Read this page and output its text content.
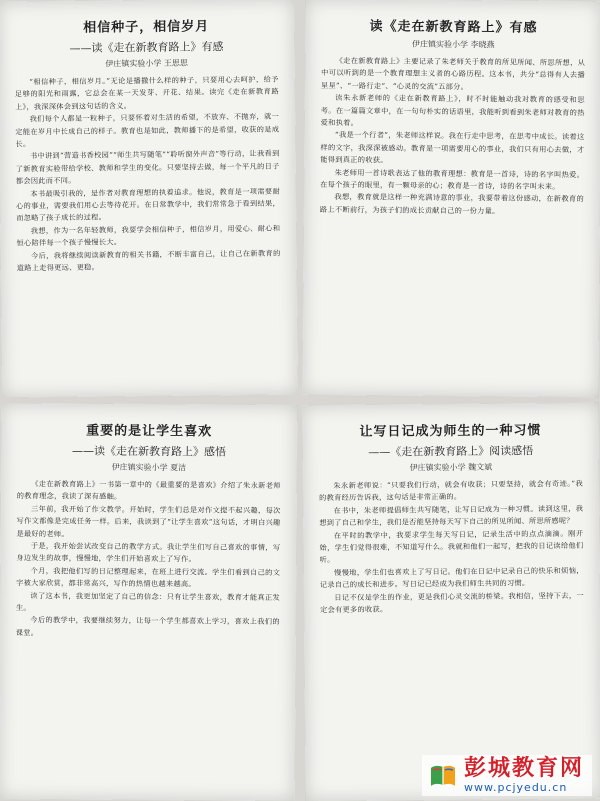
相信种子，相信岁月
——读《走在新教育路上》有感
伊庄镇实验小学 王思思

“相信种子，相信岁月。”无论是播撒什么样的种子，只要用心去呵护，给予足够的阳光和雨露，它总会在某一天发芽、开花、结果。读完《走在新教育路上》，我深深体会到这句话的含义。

我们每个人都是一粒种子，只要怀着对生活的希望，不放弃、不抛弃，就一定能在岁月中长成自己的样子。教育也是如此，教师播下的是希望，收获的是成长。

书中讲到“营造书香校园”“师生共写随笔”“聆听窗外声音”等行动，让我看到了新教育实验带给学校、教师和学生的变化。只要坚持去做，每一个平凡的日子都会因此而不同。

本书最吸引我的，是作者对教育理想的执着追求。他说，教育是一项需要耐心的事业，需要我们用心去等待花开。在日常教学中，我们常常急于看到结果，而忽略了孩子成长的过程。

我想，作为一名年轻教师，我要学会相信种子，相信岁月，用爱心、耐心和恒心陪伴每一个孩子慢慢长大。

今后，我将继续阅读新教育的相关书籍，不断丰富自己，让自己在新教育的道路上走得更远、更稳。

读《走在新教育路上》有感
伊庄镇实验小学 李晓燕

《走在新教育路上》主要记录了朱老师关于教育的所见所闻、所思所想，从中可以听到的是一个教育理想主义者的心路历程。这本书，共分“总得有人去播星星”、“一路行走”、“心灵的交流”五部分。

读朱永新老师的《走在新教育路上》，时不时能触动我对教育的感受和思考。在一篇篇文章中，在一句句朴实的话语里，我能听到看到朱老师对教育的热爱和执着。

“我是一个行者”，朱老师这样说。我在行走中思考，在思考中成长。读着这样的文字，我深深被感动。教育是一项需要用心的事业，我们只有用心去做，才能得到真正的收获。

朱老师用一首诗歌表达了他的教育理想：教育是一首诗，诗的名字叫热爱。在每个孩子的眼里，有一颗母亲的心；教育是一首诗，诗的名字叫未来。

我想，教育就是这样一种充满诗意的事业，我要带着这份感动，在新教育的路上不断前行，为孩子们的成长贡献自己的一份力量。

重要的是让学生喜欢
——读《走在新教育路上》感悟
伊庄镇实验小学 夏洁

《走在新教育路上》一书第一章中的《最重要的是喜欢》介绍了朱永新老师的教育理念，我读了深有感触。

三年前，我开始了作文教学。开始时，学生们总是对作文提不起兴趣，每次写作文都像是完成任务一样。后来，我读到了“让学生喜欢”这句话，才明白兴趣是最好的老师。

于是，我开始尝试改变自己的教学方式。我让学生们写自己喜欢的事情，写身边发生的故事，慢慢地，学生们开始喜欢上了写作。

个月，我把他们写的日记整理起来，在班上进行交流。学生们看到自己的文字被大家欣赏，都非常高兴，写作的热情也越来越高。

读了这本书，我更加坚定了自己的信念：只有让学生喜欢，教育才能真正发生。

今后的教学中，我要继续努力，让每一个学生都喜欢上学习，喜欢上我们的课堂。

让写日记成为师生的一种习惯
——《走在新教育路上》阅读感悟
伊庄镇实验小学 魏文斌

朱永新老师说：“只要我们行动，就会有收获；只要坚持，就会有奇迹。”我的教育经历告诉我，这句话是非常正确的。

在书中，朱老师提倡师生共写随笔，让写日记成为一种习惯。读到这里，我想到了自己和学生，我们是否能坚持每天写下自己的所见所闻、所思所感呢？

在平时的教学中，我要求学生每天写日记，记录生活中的点点滴滴。刚开始，学生们觉得很难，不知道写什么。我就和他们一起写，把我的日记读给他们听。

慢慢地，学生们也喜欢上了写日记。他们在日记中记录自己的快乐和烦恼，记录自己的成长和进步。写日记已经成为我们师生共同的习惯。

日记不仅是学生的作业，更是我们心灵交流的桥梁。我相信，坚持下去，一定会有更多的收获。

彭城教育网
www.pcjyedu.cn
